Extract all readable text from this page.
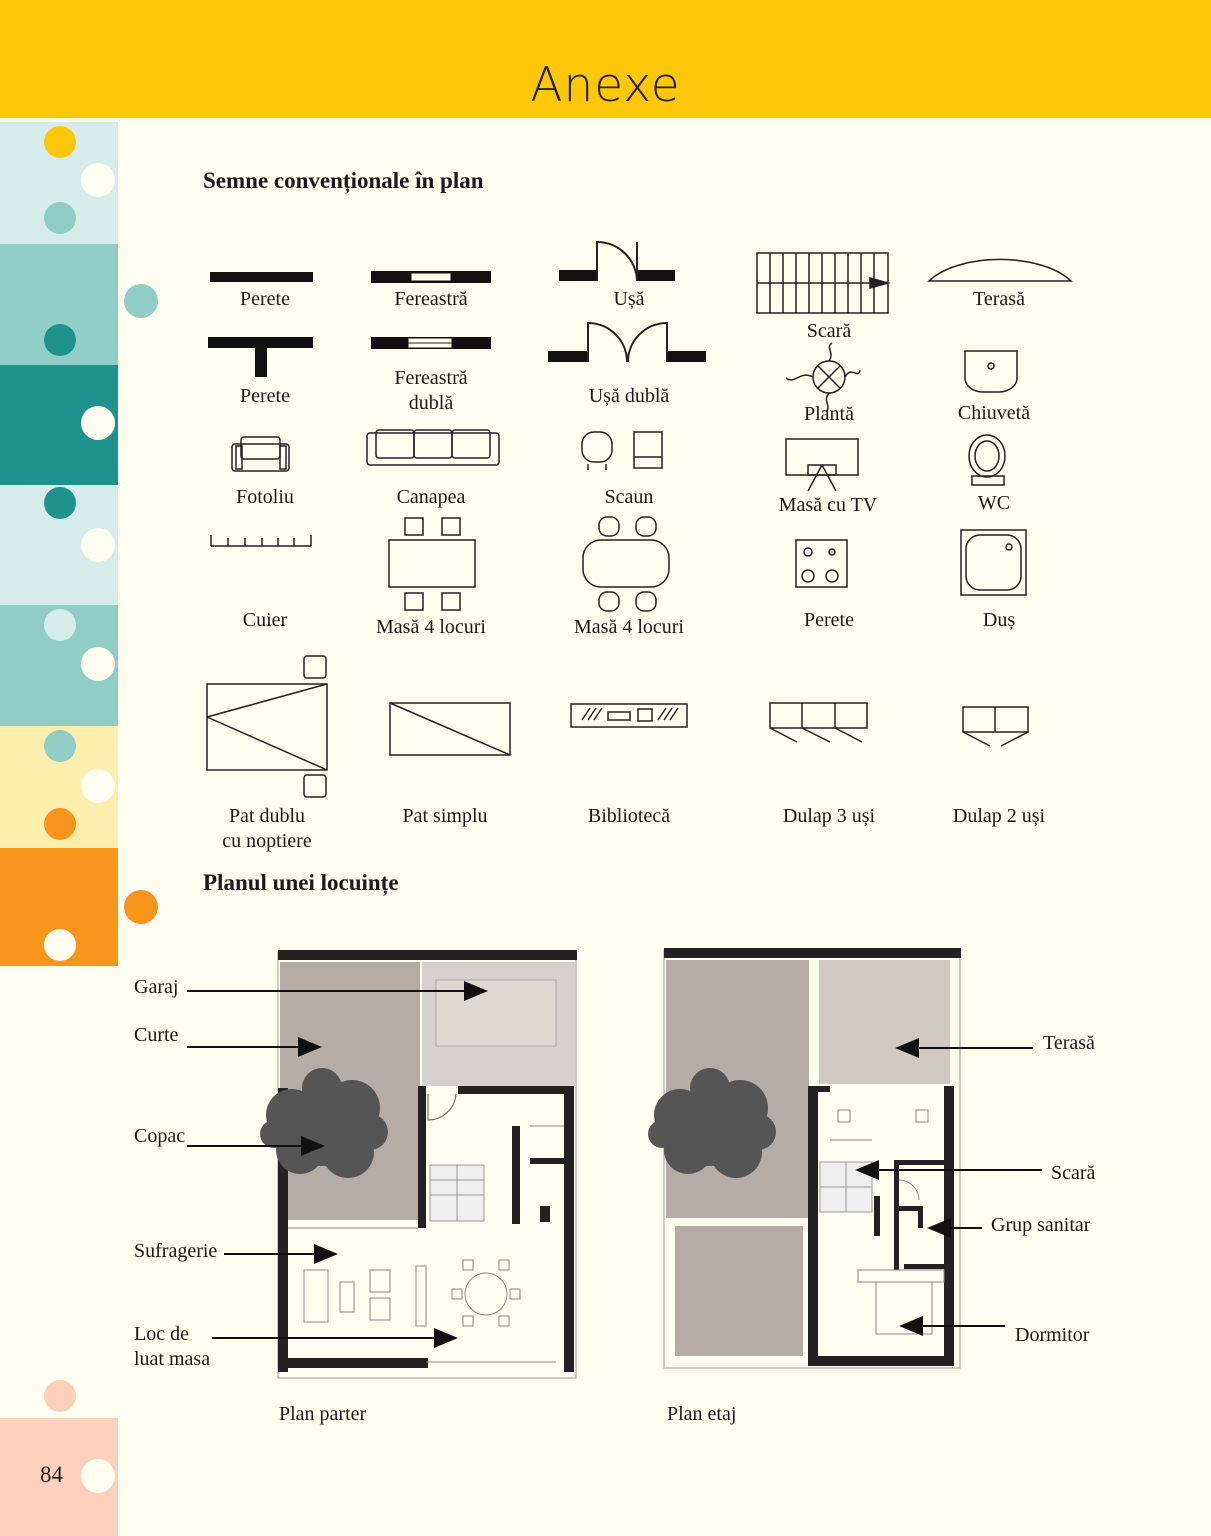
Anexe
Semne convenționale în plan
Planul unei locuințe
Perete	Fereastră	Ușă
Scară
Terasă
Perete
Fereastră
dublă	Ușă dublă
Plantă	Chiuvetă
Fotoliu	Canapea	Scaun	Masă cu TV	WC
Cuier	Masă 4 locuri	Masă 4 locuri	Perete	Duș
Pat dublu
cu noptiere
Pat simplu	Bibliotecă	Dulap 3 uși	Dulap 2 uși
Garaj
Curte
Copac
Sufragerie
Loc de
luat masa
Terasă
Scară
Grup sanitar
Dormitor
Plan parter	Plan etaj
84
